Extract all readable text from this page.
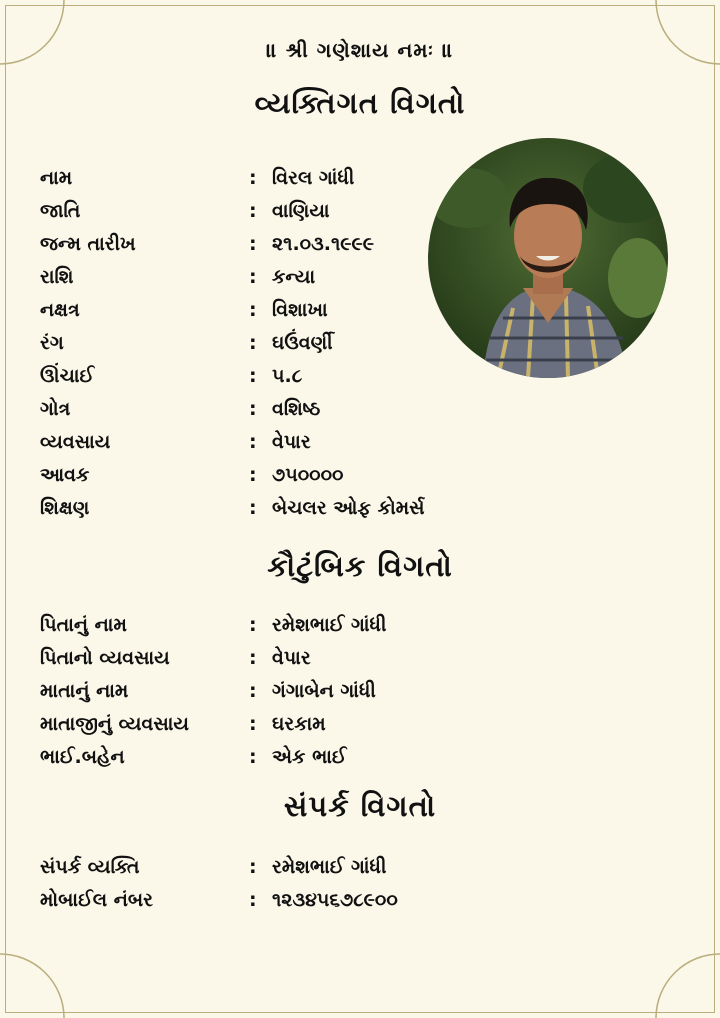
॥ શ્રી ગણેશાય નમઃ ॥
વ્યક્તિગત વિગતો
નામ	: વિરલ ગાંધી
જાતિ	: વાણિયા
જન્મ તારીખ	: ૨૧.૦૩.૧૯૯૯
રાશિ	: કન્યા
નક્ષત્ર	: વિશાખા
રંગ	: ઘઉંવર્ણી
ઊંચાઈ	: ૫.૮
ગોત્ર	: વશિષ્ઠ
વ્યવસાય	: વેપાર
આવક	: ૭૫૦૦૦૦
શિક્ષણ	: બેચલર ઓફ કોમર્સ
કૌટુંબિક વિગતો
પિતાનું નામ	: રમેશભાઈ ગાંધી
પિતાનો વ્યવસાય	: વેપાર
માતાનું નામ	: ગંગાબેન ગાંધી
માતાજીનું વ્યવસાય	: ઘરકામ
ભાઈ.બહેન	: એક ભાઈ
સંપર્ક વિગતો
સંપર્ક વ્યક્તિ	: રમેશભાઈ ગાંધી
મોબાઈલ નંબર	: ૧૨૩૪૫૬૭૮૯૦૦
